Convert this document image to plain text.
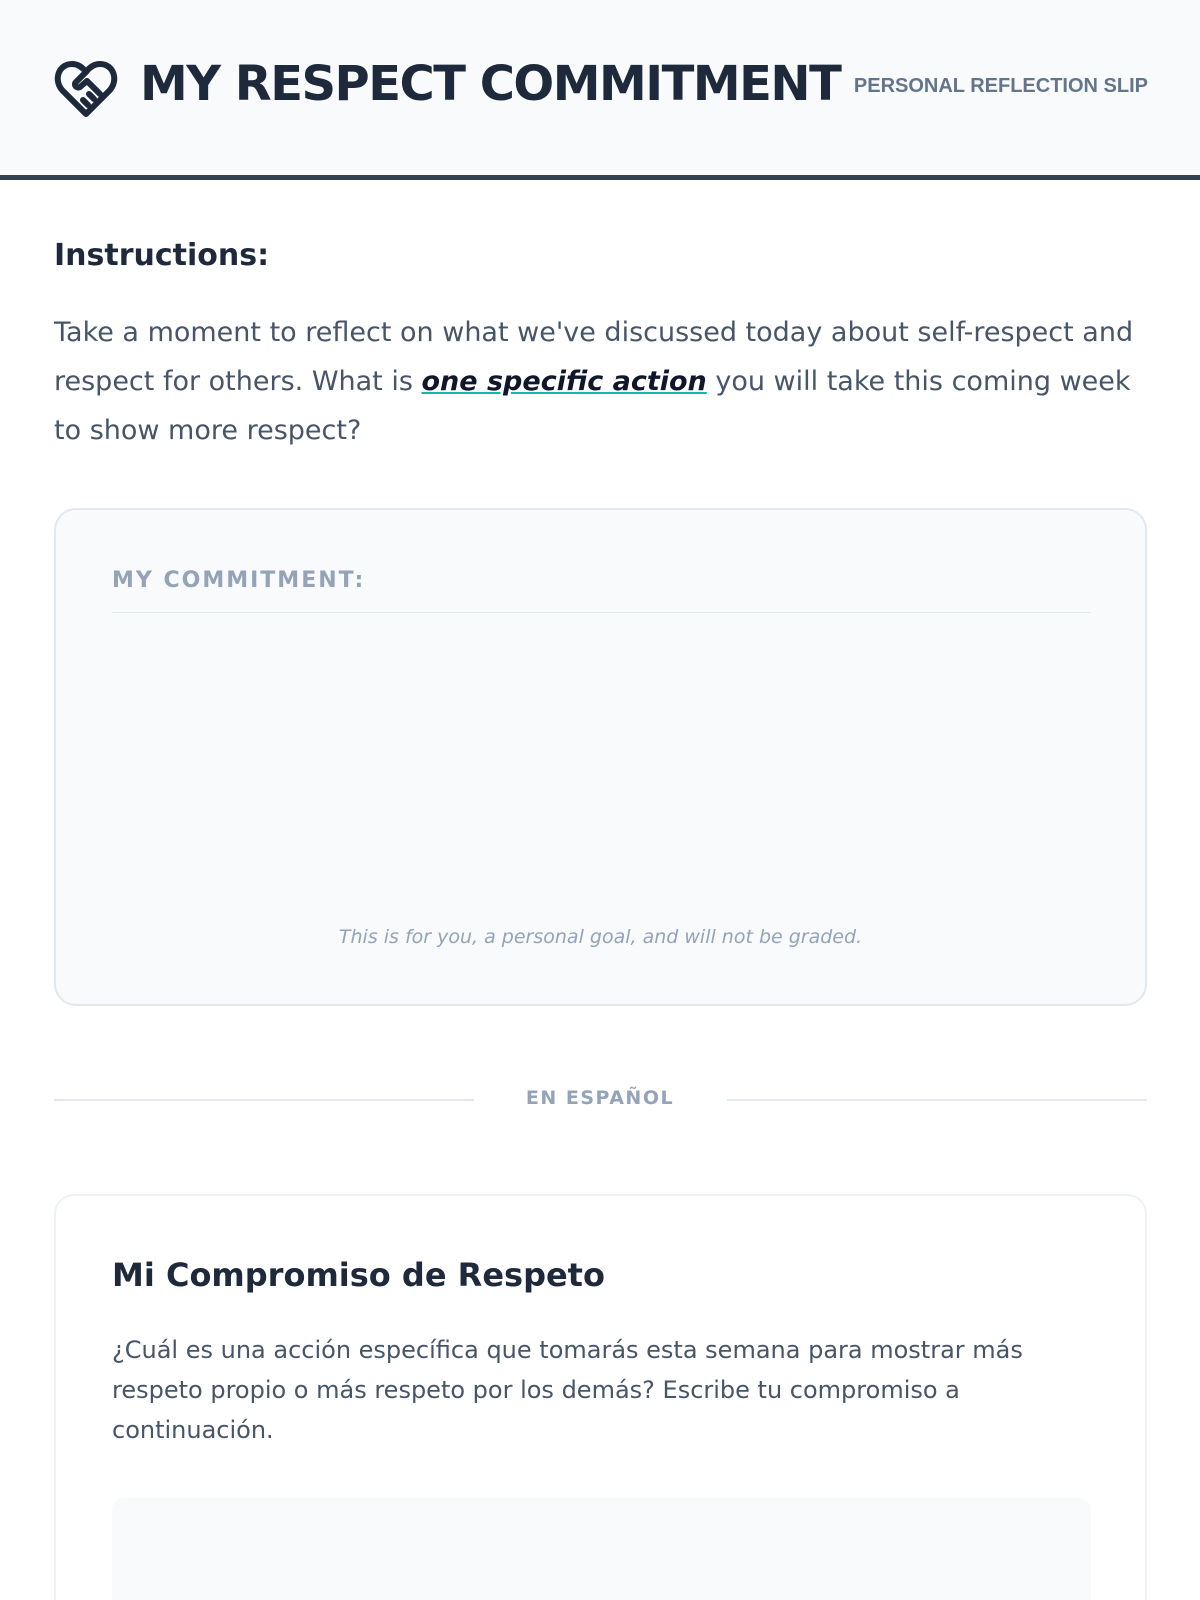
MY RESPECT COMMITMENT PERSONAL REFLECTION SLIP
Instructions:
Take a moment to reflect on what we've discussed today about self-respect and respect for others. What is one specific action you will take this coming week to show more respect?
MY COMMITMENT:
This is for you, a personal goal, and will not be graded.
EN ESPAÑOL
Mi Compromiso de Respeto
¿Cuál es una acción específica que tomarás esta semana para mostrar más respeto propio o más respeto por los demás? Escribe tu compromiso a continuación.
